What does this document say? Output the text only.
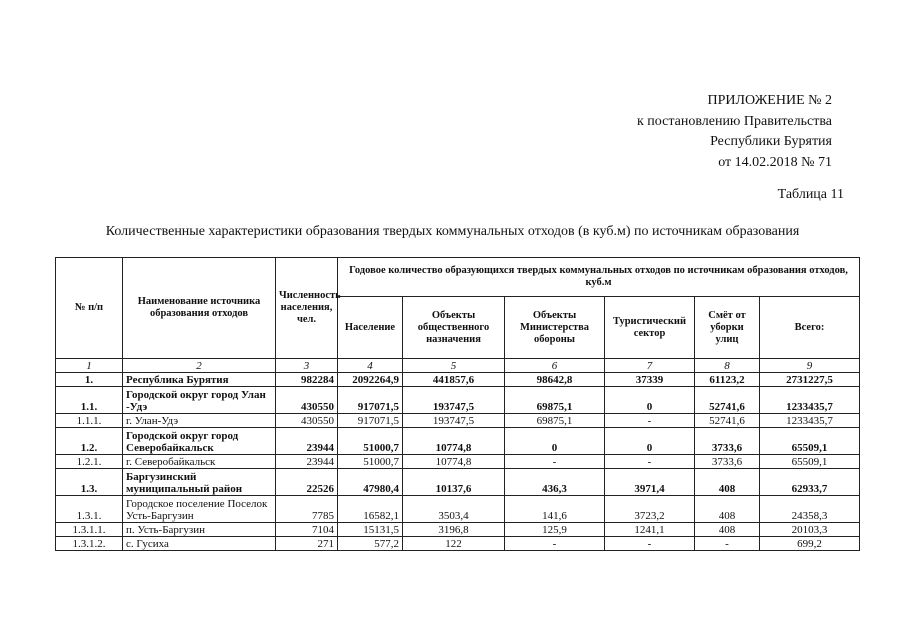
ПРИЛОЖЕНИЕ № 2
к постановлению Правительства
Республики Бурятия
от 14.02.2018 № 71
Таблица 11
Количественные характеристики образования твердых коммунальных отходов (в куб.м) по источникам образования
№ п/п	Наименование источника образования отходов	Численность населения, чел.	Годовое количество образующихся твердых коммунальных отходов по источникам образования отходов, куб.м					
			Население	Объекты общественного назначения	Объекты Министерства обороны	Туристический сектор	Смёт от уборки улиц	Всего:
1	2	3	4	5	6	7	8	9
1.	Республика Бурятия	982284	2092264,9	441857,6	98642,8	37339	61123,2	2731227,5
1.1.	Городской округ город Улан -Удэ	430550	917071,5	193747,5	69875,1	0	52741,6	1233435,7
1.1.1.	г. Улан-Удэ	430550	917071,5	193747,5	69875,1	-	52741,6	1233435,7
1.2.	Городской округ город Северобайкальск	23944	51000,7	10774,8	0	0	3733,6	65509,1
1.2.1.	г. Северобайкальск	23944	51000,7	10774,8	-	-	3733,6	65509,1
1.3.	Баргузинский муниципальный район	22526	47980,4	10137,6	436,3	3971,4	408	62933,7
1.3.1.	Городское поселение Поселок Усть-Баргузин	7785	16582,1	3503,4	141,6	3723,2	408	24358,3
1.3.1.1.	п. Усть-Баргузин	7104	15131,5	3196,8	125,9	1241,1	408	20103,3
1.3.1.2.	с. Гусиха	271	577,2	122	-	-	-	699,2
